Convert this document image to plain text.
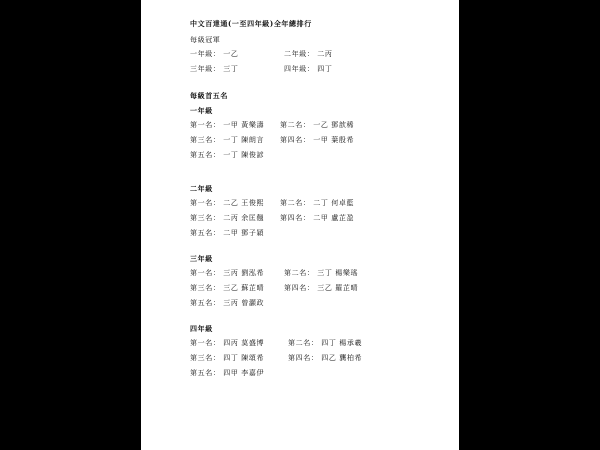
中文百達通(一至四年級)全年總排行
每級冠軍
一年級： 一乙	二年級： 二丙
三年級： 三丁	四年級： 四丁
每級首五名
一年級
第一名： 一甲 黃樂濤 第二名： 一乙 鄧歆稀
第三名： 一丁 陳朗言 第四名： 一甲 葉殷希
第五名： 一丁 陳俊諺
二年級
第一名： 二乙 王俊熙 第二名： 二丁 何卓藍
第三名： 二丙 余匡翹 第四名： 二甲 盧芷盈
第五名： 二甲 鄧子穎
三年級
第一名： 三丙 劉泓希	第二名： 三丁 楊樂瑤
第三名： 三乙 蘇芷晴	第四名： 三乙 羅芷晴
第五名： 三丙 曾灝政
四年級
第一名： 四丙 莫盛博	第二名： 四丁 楊承羲
第三名： 四丁 陳頌希	第四名： 四乙 龔柏希
第五名： 四甲 李嘉伊
